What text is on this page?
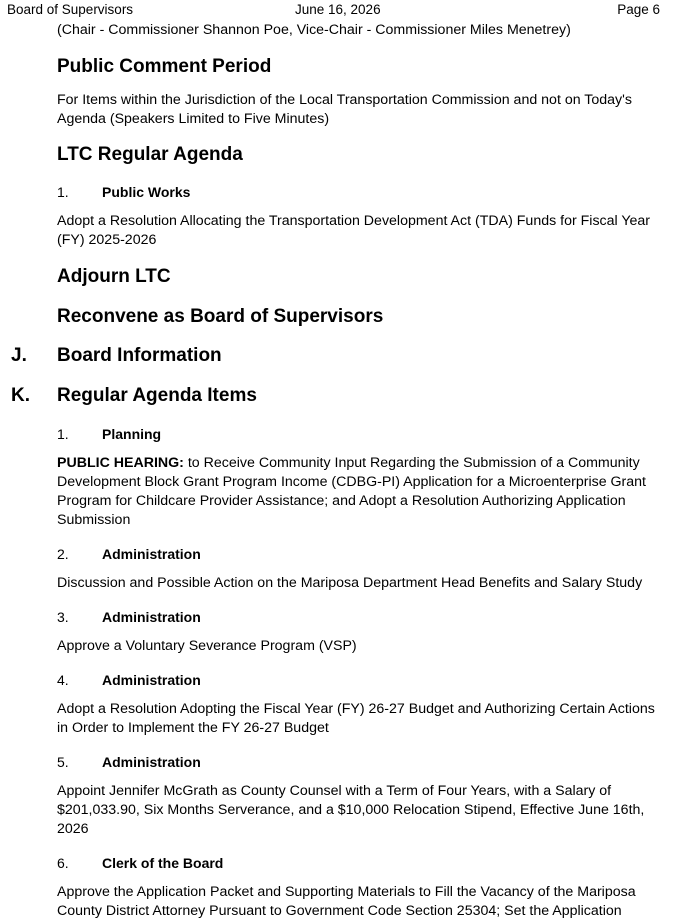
Board of Supervisors	June 16, 2026	Page 6
(Chair - Commissioner Shannon Poe, Vice-Chair - Commissioner Miles Menetrey)
Public Comment Period
For Items within the Jurisdiction of the Local Transportation Commission and not on Today's Agenda (Speakers Limited to Five Minutes)
LTC Regular Agenda
1. Public Works
Adopt a Resolution Allocating the Transportation Development Act (TDA) Funds for Fiscal Year (FY) 2025-2026
Adjourn LTC
Reconvene as Board of Supervisors
J. Board Information
K. Regular Agenda Items
1. Planning
PUBLIC HEARING: to Receive Community Input Regarding the Submission of a Community Development Block Grant Program Income (CDBG-PI) Application for a Microenterprise Grant Program for Childcare Provider Assistance; and Adopt a Resolution Authorizing Application Submission
2. Administration
Discussion and Possible Action on the Mariposa Department Head Benefits and Salary Study
3. Administration
Approve a Voluntary Severance Program (VSP)
4. Administration
Adopt a Resolution Adopting the Fiscal Year (FY) 26-27 Budget and Authorizing Certain Actions in Order to Implement the FY 26-27 Budget
5. Administration
Appoint Jennifer McGrath as County Counsel with a Term of Four Years, with a Salary of $201,033.90, Six Months Serverance, and a $10,000 Relocation Stipend, Effective June 16th, 2026
6. Clerk of the Board
Approve the Application Packet and Supporting Materials to Fill the Vacancy of the Mariposa County District Attorney Pursuant to Government Code Section 25304; Set the Application
